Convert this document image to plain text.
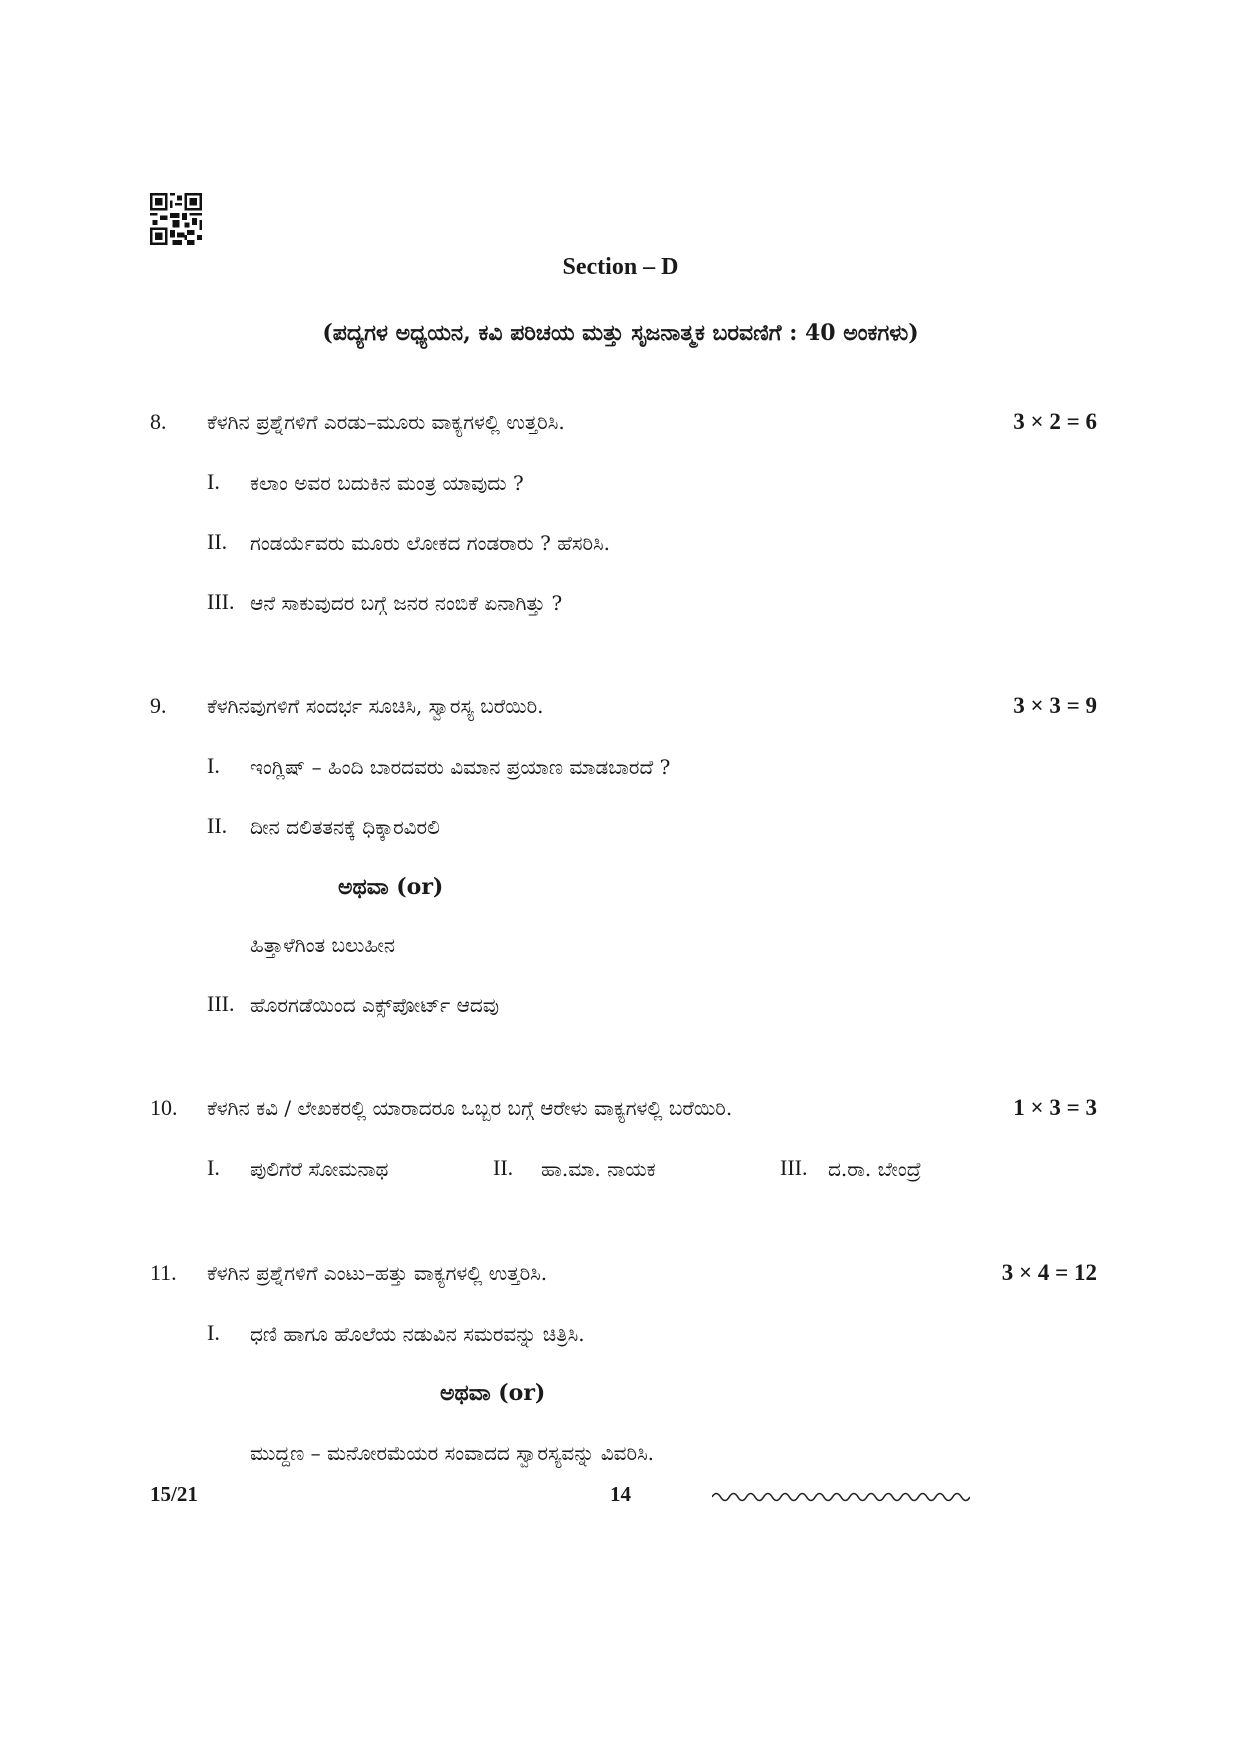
Section – D
(ಪದ್ಯಗಳ ಅಧ್ಯಯನ, ಕವಿ ಪರಿಚಯ ಮತ್ತು ಸೃಜನಾತ್ಮಕ ಬರವಣಿಗೆ : 40 ಅಂಕಗಳು)
8. ಕೆಳಗಿನ ಪ್ರಶ್ನೆಗಳಿಗೆ ಎರಡು–ಮೂರು ವಾಕ್ಯಗಳಲ್ಲಿ ಉತ್ತರಿಸಿ.	3 × 2 = 6
I. ಕಲಾಂ ಅವರ ಬದುಕಿನ ಮಂತ್ರ ಯಾವುದು ?
II. ಗಂಡರ್ಯೆವರು ಮೂರು ಲೋಕದ ಗಂಡರಾರು ? ಹೆಸರಿಸಿ.
III. ಆನೆ ಸಾಕುವುದರ ಬಗ್ಗೆ ಜನರ ನಂಬಿಕೆ ಏನಾಗಿತ್ತು ?
9. ಕೆಳಗಿನವುಗಳಿಗೆ ಸಂದರ್ಭ ಸೂಚಿಸಿ, ಸ್ವಾರಸ್ಯ ಬರೆಯಿರಿ.	3 × 3 = 9
I. ಇಂಗ್ಲಿಷ್ – ಹಿಂದಿ ಬಾರದವರು ವಿಮಾನ ಪ್ರಯಾಣ ಮಾಡಬಾರದೆ ?
II. ದೀನ ದಲಿತತನಕ್ಕೆ ಧಿಕ್ಕಾರವಿರಲಿ
ಅಥವಾ (or)
ಹಿತ್ತಾಳೆಗಿಂತ ಬಲುಹೀನ
III. ಹೊರಗಡೆಯಿಂದ ಎಕ್ಸ್‌ಪೋರ್ಟ್ ಆದವು
10. ಕೆಳಗಿನ ಕವಿ / ಲೇಖಕರಲ್ಲಿ ಯಾರಾದರೂ ಒಬ್ಬರ ಬಗ್ಗೆ ಆರೇಳು ವಾಕ್ಯಗಳಲ್ಲಿ ಬರೆಯಿರಿ.	1 × 3 = 3
I. ಪುಲಿಗೆರೆ ಸೋಮನಾಥ	II. ಹಾ.ಮಾ. ನಾಯಕ	III. ದ.ರಾ. ಬೇಂದ್ರೆ
11. ಕೆಳಗಿನ ಪ್ರಶ್ನೆಗಳಿಗೆ ಎಂಟು–ಹತ್ತು ವಾಕ್ಯಗಳಲ್ಲಿ ಉತ್ತರಿಸಿ.	3 × 4 = 12
I. ಧಣಿ ಹಾಗೂ ಹೊಲೆಯ ನಡುವಿನ ಸಮರವನ್ನು ಚಿತ್ರಿಸಿ.
ಅಥವಾ (or)
ಮುದ್ದಣ – ಮನೋರಮೆಯರ ಸಂವಾದದ ಸ್ವಾರಸ್ಯವನ್ನು ವಿವರಿಸಿ.
15/21	14
